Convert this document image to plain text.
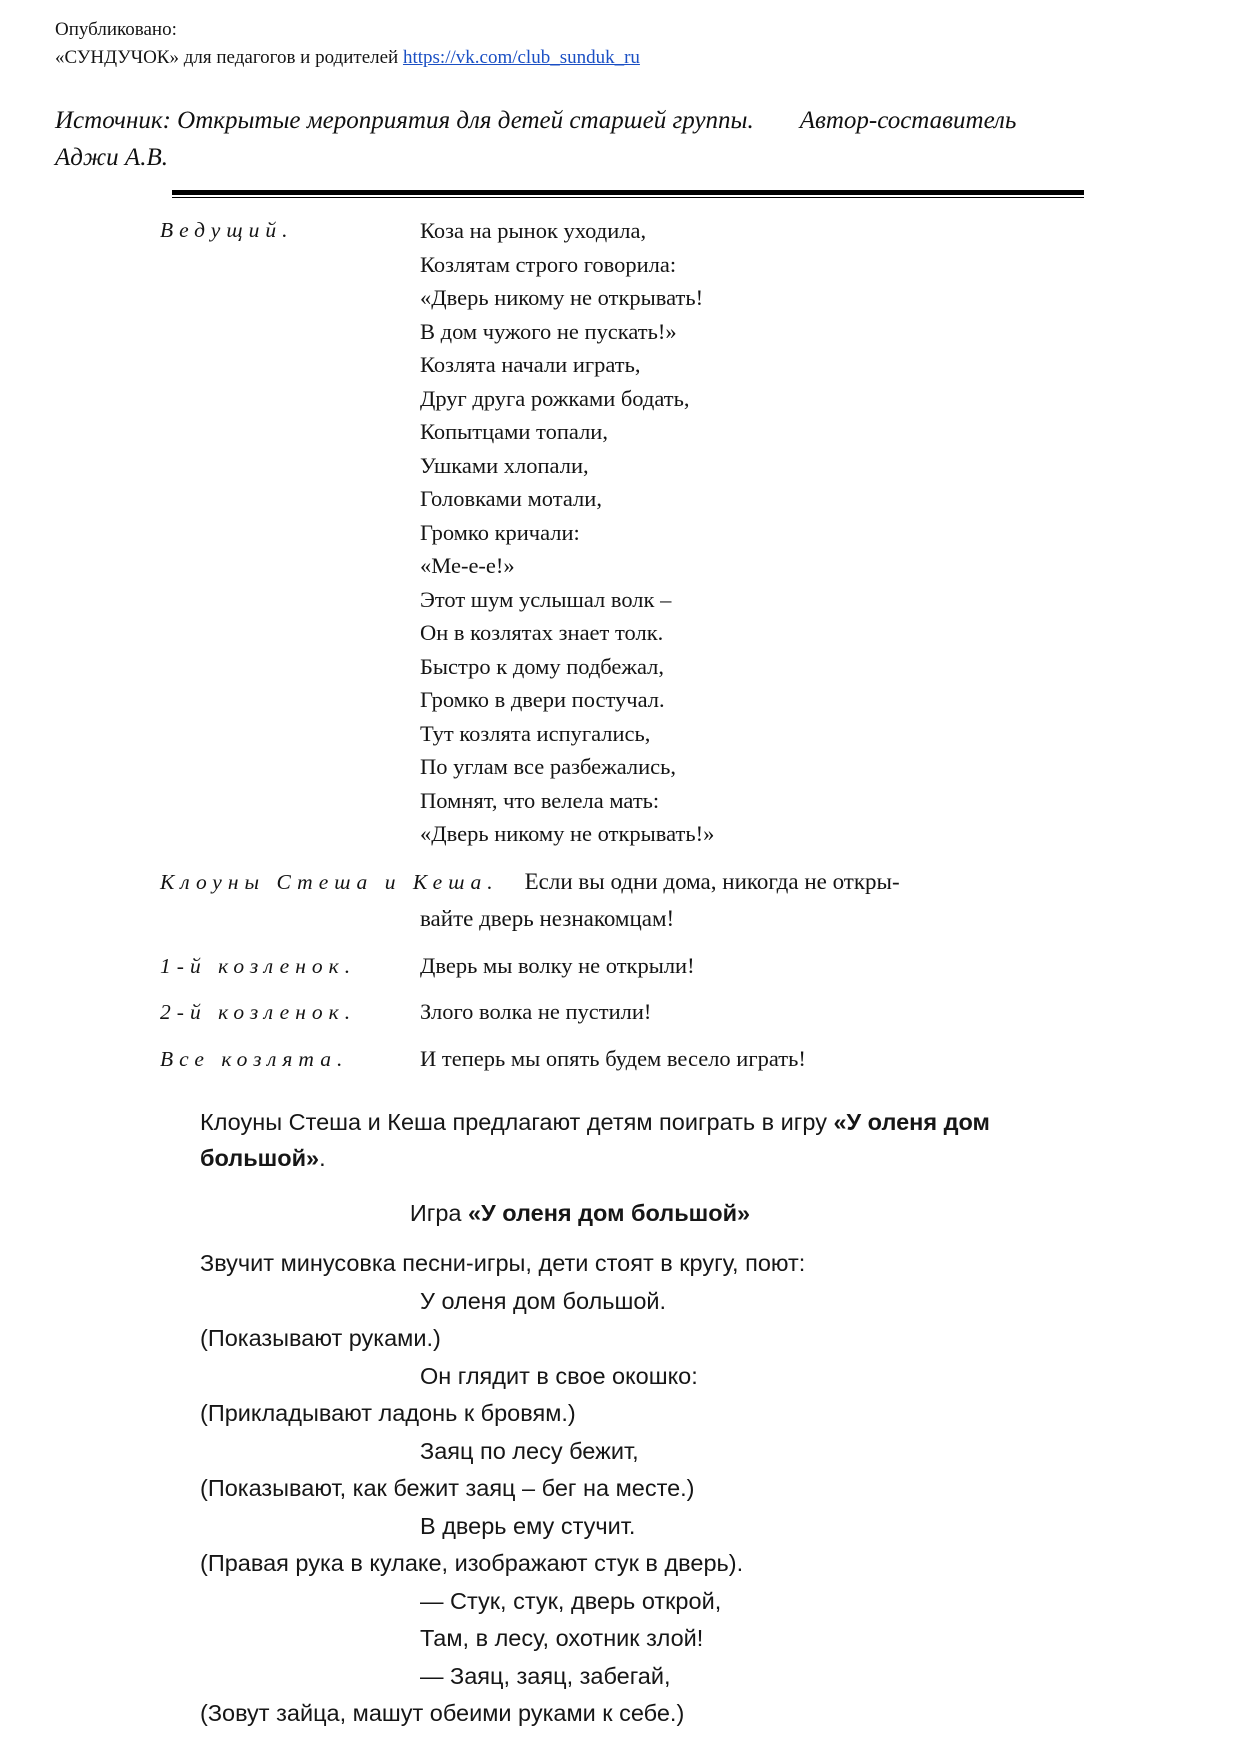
Опубликовано:
«СУНДУЧОК» для педагогов и родителей https://vk.com/club_sunduk_ru
Источник: Открытые мероприятия для детей старшей группы. Автор-составитель
Аджи А.В.
Ведущий.	Коза на рынок уходила,
Козлятам строго говорила:
«Дверь никому не открывать!
В дом чужого не пускать!»
Козлята начали играть,
Друг друга рожками бодать,
Копытцами топали,
Ушками хлопали,
Головками мотали,
Громко кричали:
«Ме-е-е!»
Этот шум услышал волк –
Он в козлятах знает толк.
Быстро к дому подбежал,
Громко в двери постучал.
Тут козлята испугались,
По углам все разбежались,
Помнят, что велела мать:
«Дверь никому не открывать!»
Клоуны Стеша и Кеша. Если вы одни дома, никогда не откры-
вайте дверь незнакомцам!
1-й козленок.	Дверь мы волку не открыли!
2-й козленок.	Злого волка не пустили!
Все козлята.	И теперь мы опять будем весело играть!
Клоуны Стеша и Кеша предлагают детям поиграть в игру «У оленя дом большой».
Игра «У оленя дом большой»
Звучит минусовка песни-игры, дети стоят в кругу, поют:
У оленя дом большой.
(Показывают руками.)
Он глядит в свое окошко:
(Прикладывают ладонь к бровям.)
Заяц по лесу бежит,
(Показывают, как бежит заяц – бег на месте.)
В дверь ему стучит.
(Правая рука в кулаке, изображают стук в дверь).
— Стук, стук, дверь открой,
Там, в лесу, охотник злой!
— Заяц, заяц, забегай,
(Зовут зайца, машут обеими руками к себе.)
